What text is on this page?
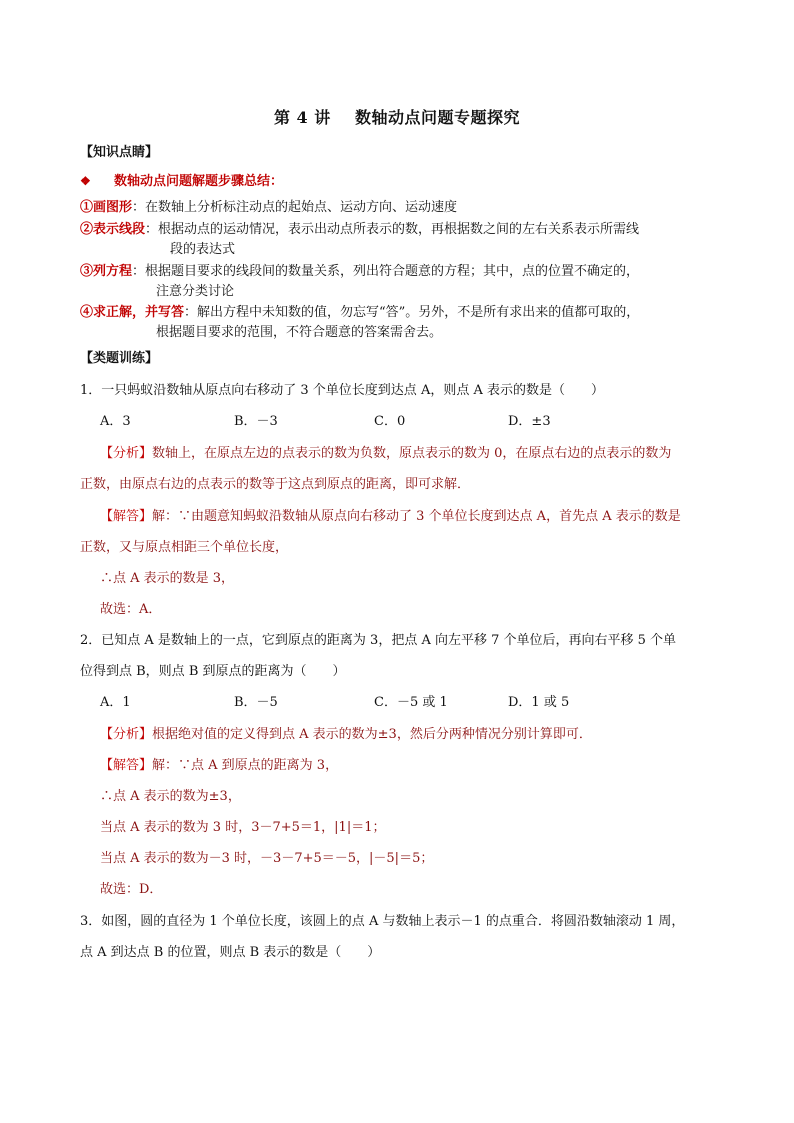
第 4 讲    数轴动点问题专题探究
【知识点睛】
❖ 数轴动点问题解题步骤总结：
①画图形：在数轴上分析标注动点的起始点、运动方向、运动速度
②表示线段：根据动点的运动情况，表示出动点所表示的数，再根据数之间的左右关系表示所需线
段的表达式
③列方程：根据题目要求的线段间的数量关系，列出符合题意的方程；其中，点的位置不确定的，
注意分类讨论
④求正解，并写答：解出方程中未知数的值，勿忘写“答”。另外，不是所有求出来的值都可取的，
根据题目要求的范围，不符合题意的答案需舍去。
【类题训练】
1．一只蚂蚁沿数轴从原点向右移动了 3 个单位长度到达点 A，则点 A 表示的数是（　　）
A．3	B．－3	C．0	D．±3
【分析】数轴上，在原点左边的点表示的数为负数，原点表示的数为 0，在原点右边的点表示的数为
正数，由原点右边的点表示的数等于这点到原点的距离，即可求解．
【解答】解：∵由题意知蚂蚁沿数轴从原点向右移动了 3 个单位长度到达点 A，首先点 A 表示的数是
正数，又与原点相距三个单位长度，
∴点 A 表示的数是 3，
故选：A．
2．已知点 A 是数轴上的一点，它到原点的距离为 3，把点 A 向左平移 7 个单位后，再向右平移 5 个单
位得到点 B，则点 B 到原点的距离为（　　）
A．1	B．－5	C．－5 或 1	D．1 或 5
【分析】根据绝对值的定义得到点 A 表示的数为±3，然后分两种情况分别计算即可．
【解答】解：∵点 A 到原点的距离为 3，
∴点 A 表示的数为±3，
当点 A 表示的数为 3 时，3－7+5＝1，|1|＝1；
当点 A 表示的数为－3 时，－3－7+5＝－5，|－5|＝5；
故选：D．
3．如图，圆的直径为 1 个单位长度，该圆上的点 A 与数轴上表示－1 的点重合．将圆沿数轴滚动 1 周，
点 A 到达点 B 的位置，则点 B 表示的数是（　　）
